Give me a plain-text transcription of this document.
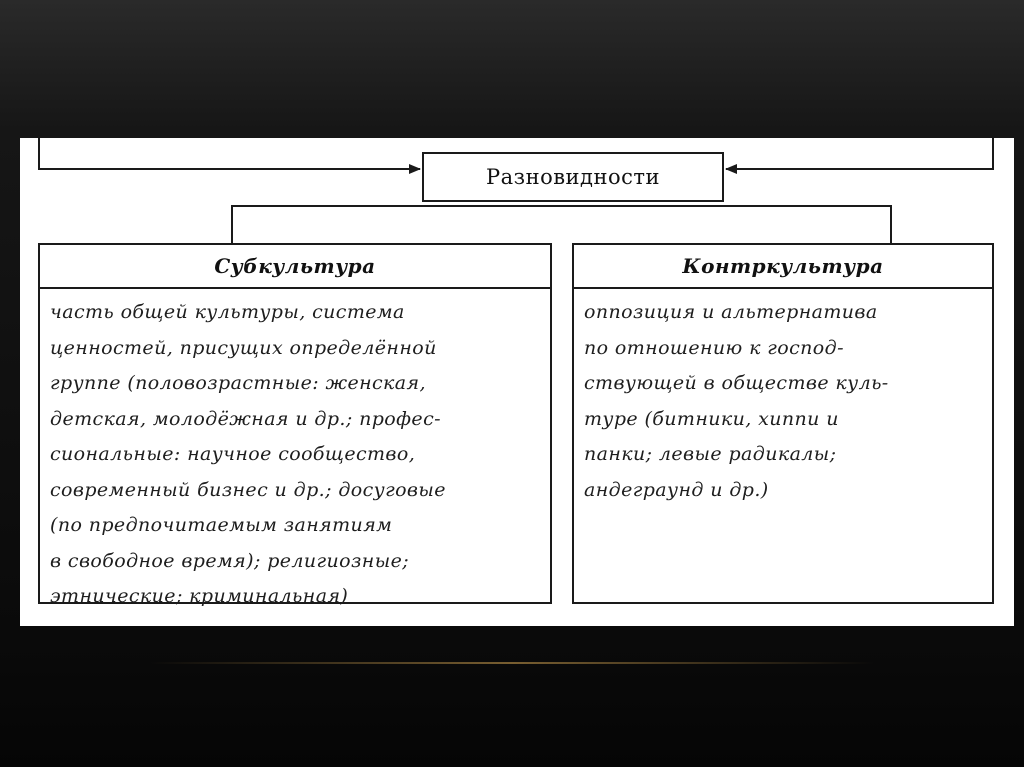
Разновидности
Субкультура
часть общей культуры, система
ценностей, присущих определённой
группе (половозрастные: женская,
детская, молодёжная и др.; профес-
сиональные: научное сообщество,
современный бизнес и др.; досуговые
(по предпочитаемым занятиям
в свободное время); религиозные;
этнические; криминальная)
Контркультура
оппозиция и альтернатива
по отношению к господ-
ствующей в обществе куль-
туре (битники, хиппи и
панки; левые радикалы;
андеграунд и др.)
